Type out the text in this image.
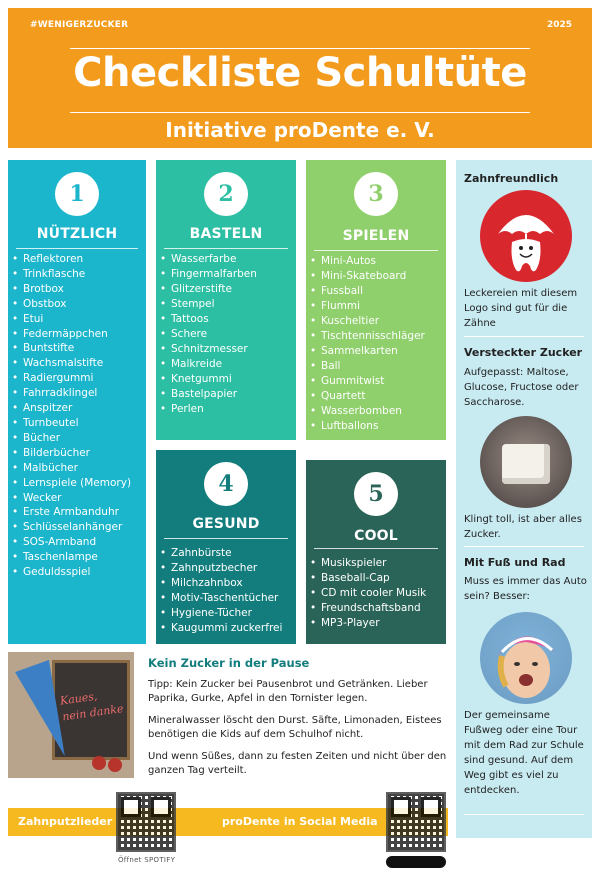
#WENIGERZUCKER	2025
Checkliste Schultüte
Initiative proDente e. V.
1
NÜTZLICH
• Reflektoren
• Trinkflasche
• Brotbox
• Obstbox
• Etui
• Federmäppchen
• Buntstifte
• Wachsmalstifte
• Radiergummi
• Fahrradklingel
• Anspitzer
• Turnbeutel
• Bücher
• Bilderbücher
• Malbücher
• Lernspiele (Memory)
• Wecker
• Erste Armbanduhr
• Schlüsselanhänger
• SOS-Armband
• Taschenlampe
• Geduldsspiel
2
BASTELN
• Wasserfarbe
• Fingermalfarben
• Glitzerstifte
• Stempel
• Tattoos
• Schere
• Schnitzmesser
• Malkreide
• Knetgummi
• Bastelpapier
• Perlen
3
SPIELEN
• Mini-Autos
• Mini-Skateboard
• Fussball
• Flummi
• Kuscheltier
• Tischtennisschläger
• Sammelkarten
• Ball
• Gummitwist
• Quartett
• Wasserbomben
• Luftballons
4
GESUND
• Zahnbürste
• Zahnputzbecher
• Milchzahnbox
• Motiv-Taschentücher
• Hygiene-Tücher
• Kaugummi zuckerfrei
5
COOL
• Musikspieler
• Baseball-Cap
• CD mit cooler Musik
• Freundschaftsband
• MP3-Player
Zahnfreundlich

Leckereien mit diesem Logo sind gut für die Zähne

Versteckter Zucker

Aufgepasst: Maltose, Glucose, Fructose oder Saccharose.

Klingt toll, ist aber alles Zucker.

Mit Fuß und Rad

Muss es immer das Auto sein? Besser:

Der gemeinsame Fußweg oder eine Tour mit dem Rad zur Schule sind gesund. Auf dem Weg gibt es viel zu entdecken.

Kaues,
nein danke
Kein Zucker in der Pause

Tipp: Kein Zucker bei Pausenbrot und Getränken. Lieber Paprika, Gurke, Apfel in den Tornister legen.

Mineralwasser löscht den Durst. Säfte, Limonaden, Eistees benötigen die Kids auf dem Schulhof nicht.

Und wenn Süßes, dann zu festen Zeiten und nicht über den ganzen Tag verteilt.

Zahnputzlieder	proDente in Social Media
Öffnet SPOTIFY
